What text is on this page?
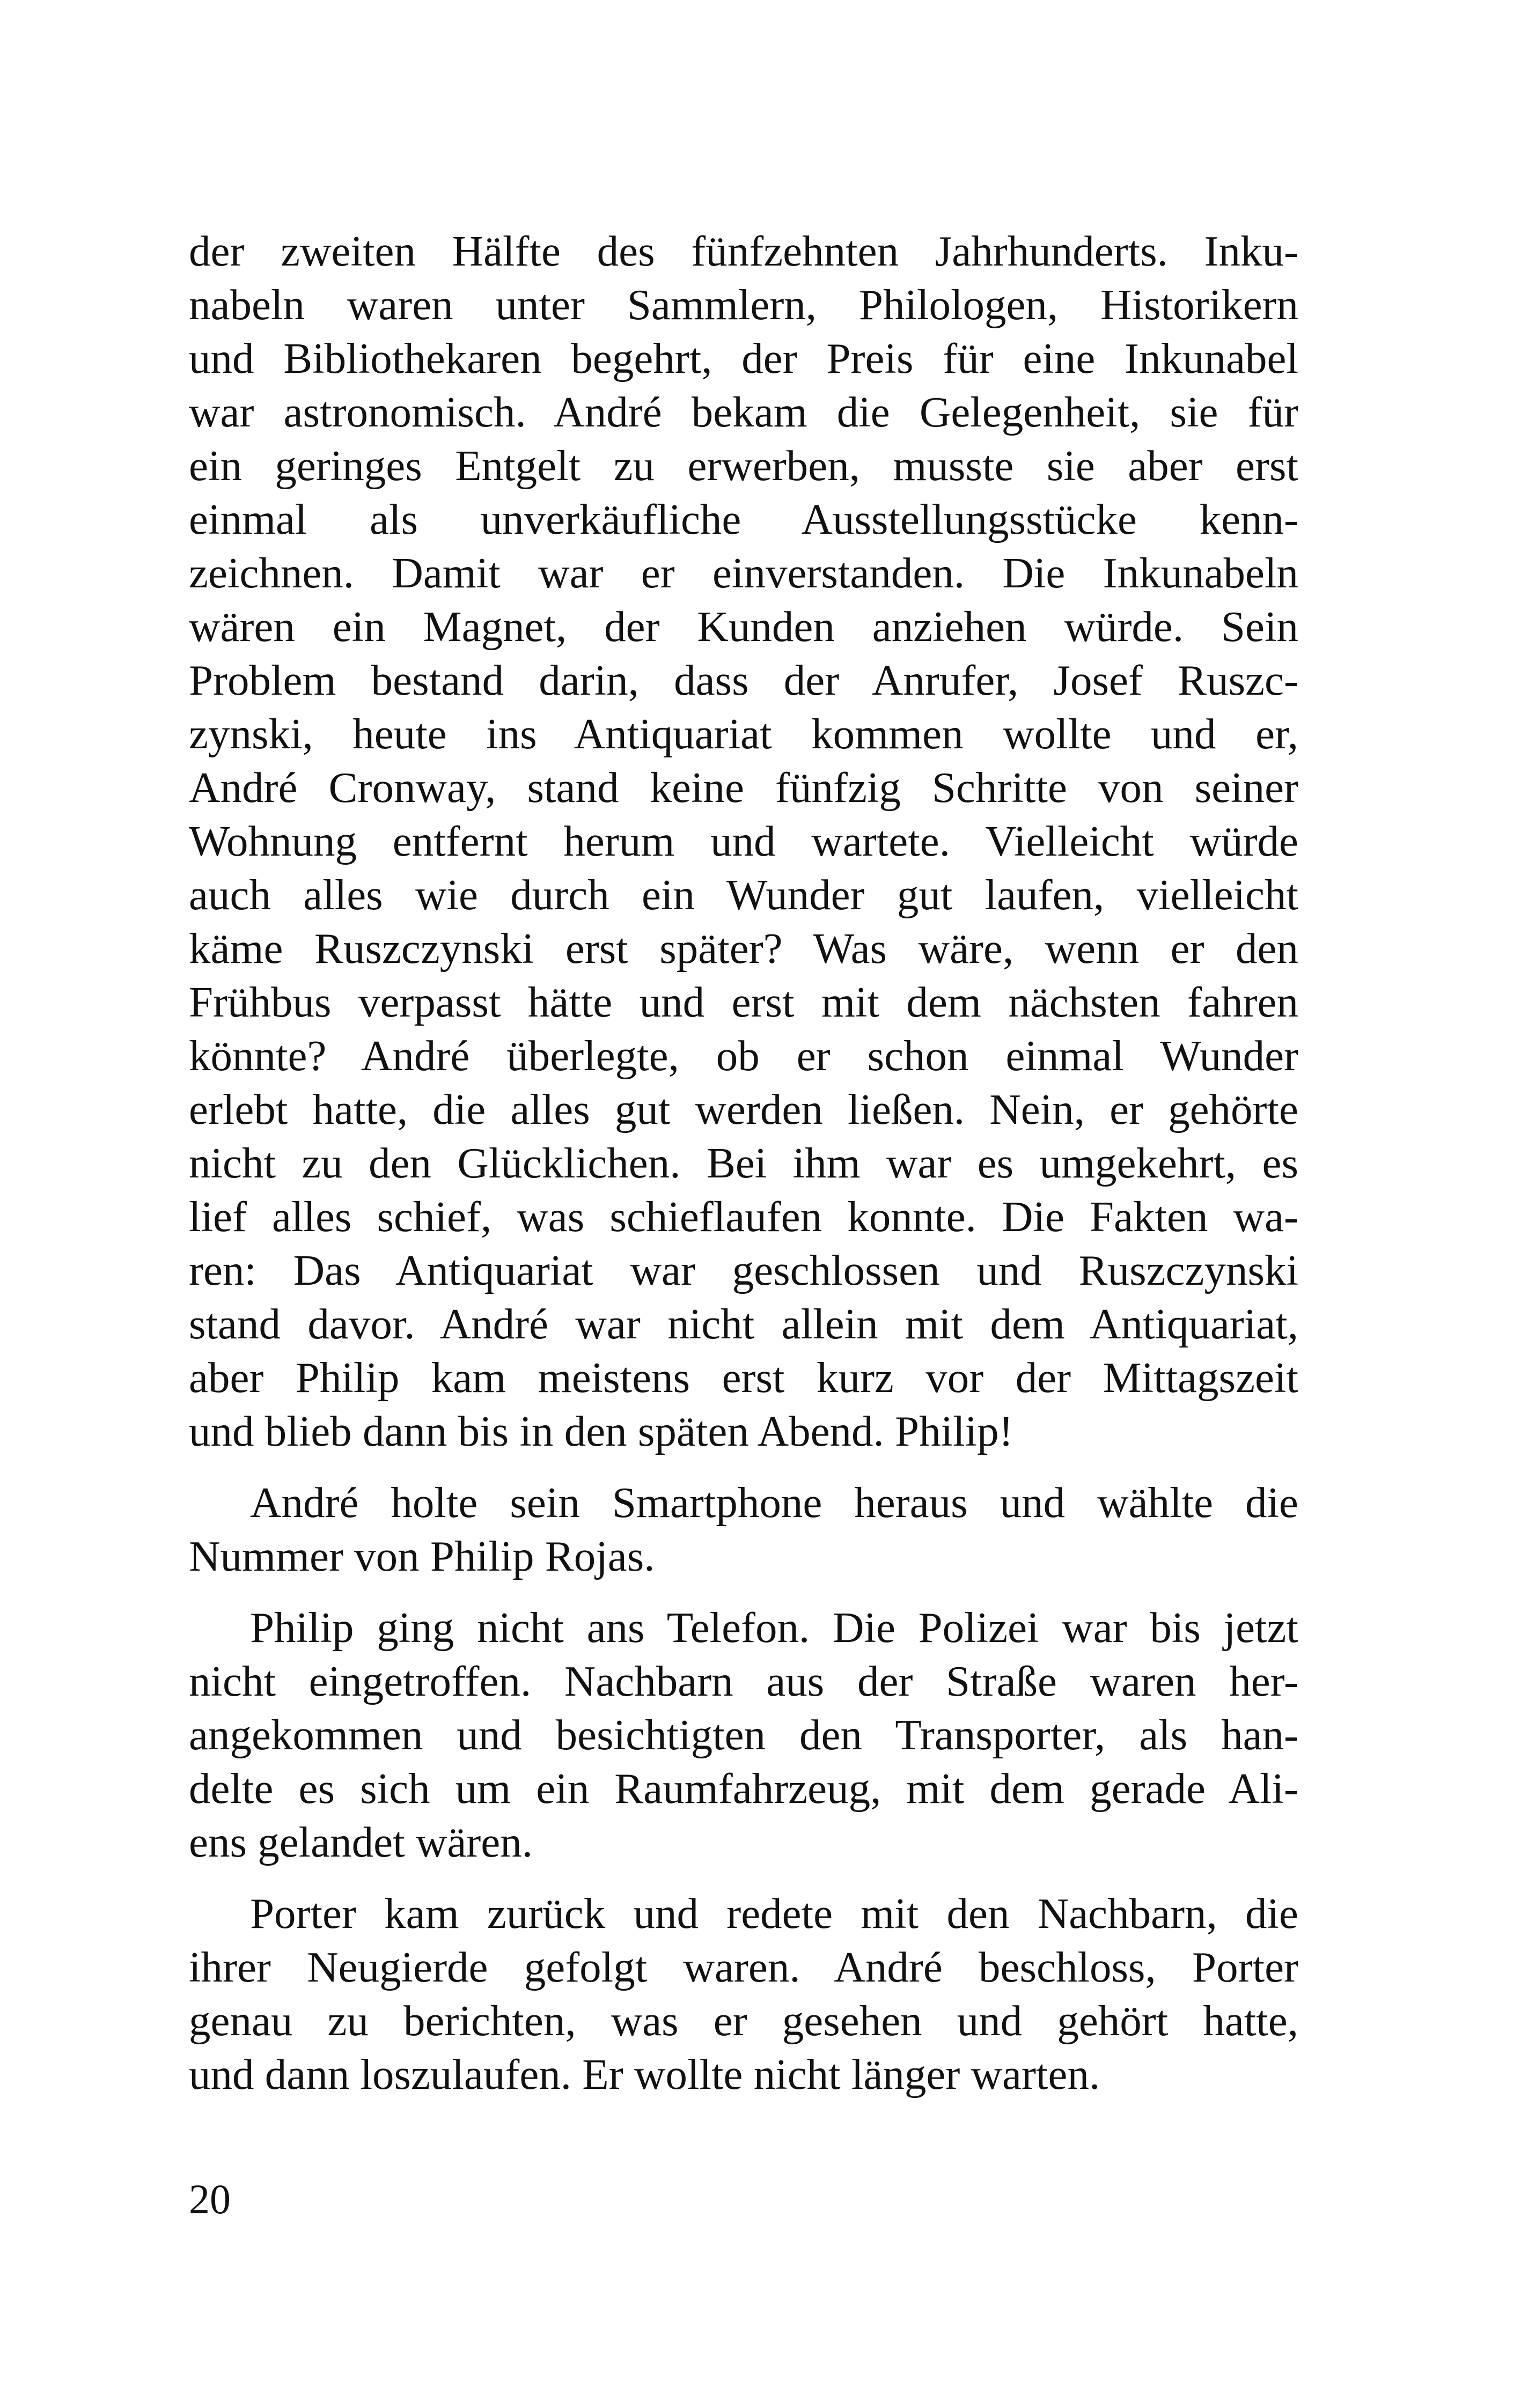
der zweiten Hälfte des fünfzehnten Jahrhunderts. Inku-
nabeln waren unter Sammlern, Philologen, Historikern
und Bibliothekaren begehrt, der Preis für eine Inkunabel
war astronomisch. André bekam die Gelegenheit, sie für
ein geringes Entgelt zu erwerben, musste sie aber erst
einmal als unverkäufliche Ausstellungsstücke kenn-
zeichnen. Damit war er einverstanden. Die Inkunabeln
wären ein Magnet, der Kunden anziehen würde. Sein
Problem bestand darin, dass der Anrufer, Josef Ruszc-
zynski, heute ins Antiquariat kommen wollte und er,
André Cronway, stand keine fünfzig Schritte von seiner
Wohnung entfernt herum und wartete. Vielleicht würde
auch alles wie durch ein Wunder gut laufen, vielleicht
käme Ruszczynski erst später? Was wäre, wenn er den
Frühbus verpasst hätte und erst mit dem nächsten fahren
könnte? André überlegte, ob er schon einmal Wunder
erlebt hatte, die alles gut werden ließen. Nein, er gehörte
nicht zu den Glücklichen. Bei ihm war es umgekehrt, es
lief alles schief, was schieflaufen konnte. Die Fakten wa-
ren: Das Antiquariat war geschlossen und Ruszczynski
stand davor. André war nicht allein mit dem Antiquariat,
aber Philip kam meistens erst kurz vor der Mittagszeit
und blieb dann bis in den späten Abend. Philip!
André holte sein Smartphone heraus und wählte die
Nummer von Philip Rojas.
Philip ging nicht ans Telefon. Die Polizei war bis jetzt
nicht eingetroffen. Nachbarn aus der Straße waren her-
angekommen und besichtigten den Transporter, als han-
delte es sich um ein Raumfahrzeug, mit dem gerade Ali-
ens gelandet wären.
Porter kam zurück und redete mit den Nachbarn, die
ihrer Neugierde gefolgt waren. André beschloss, Porter
genau zu berichten, was er gesehen und gehört hatte,
und dann loszulaufen. Er wollte nicht länger warten.
20
